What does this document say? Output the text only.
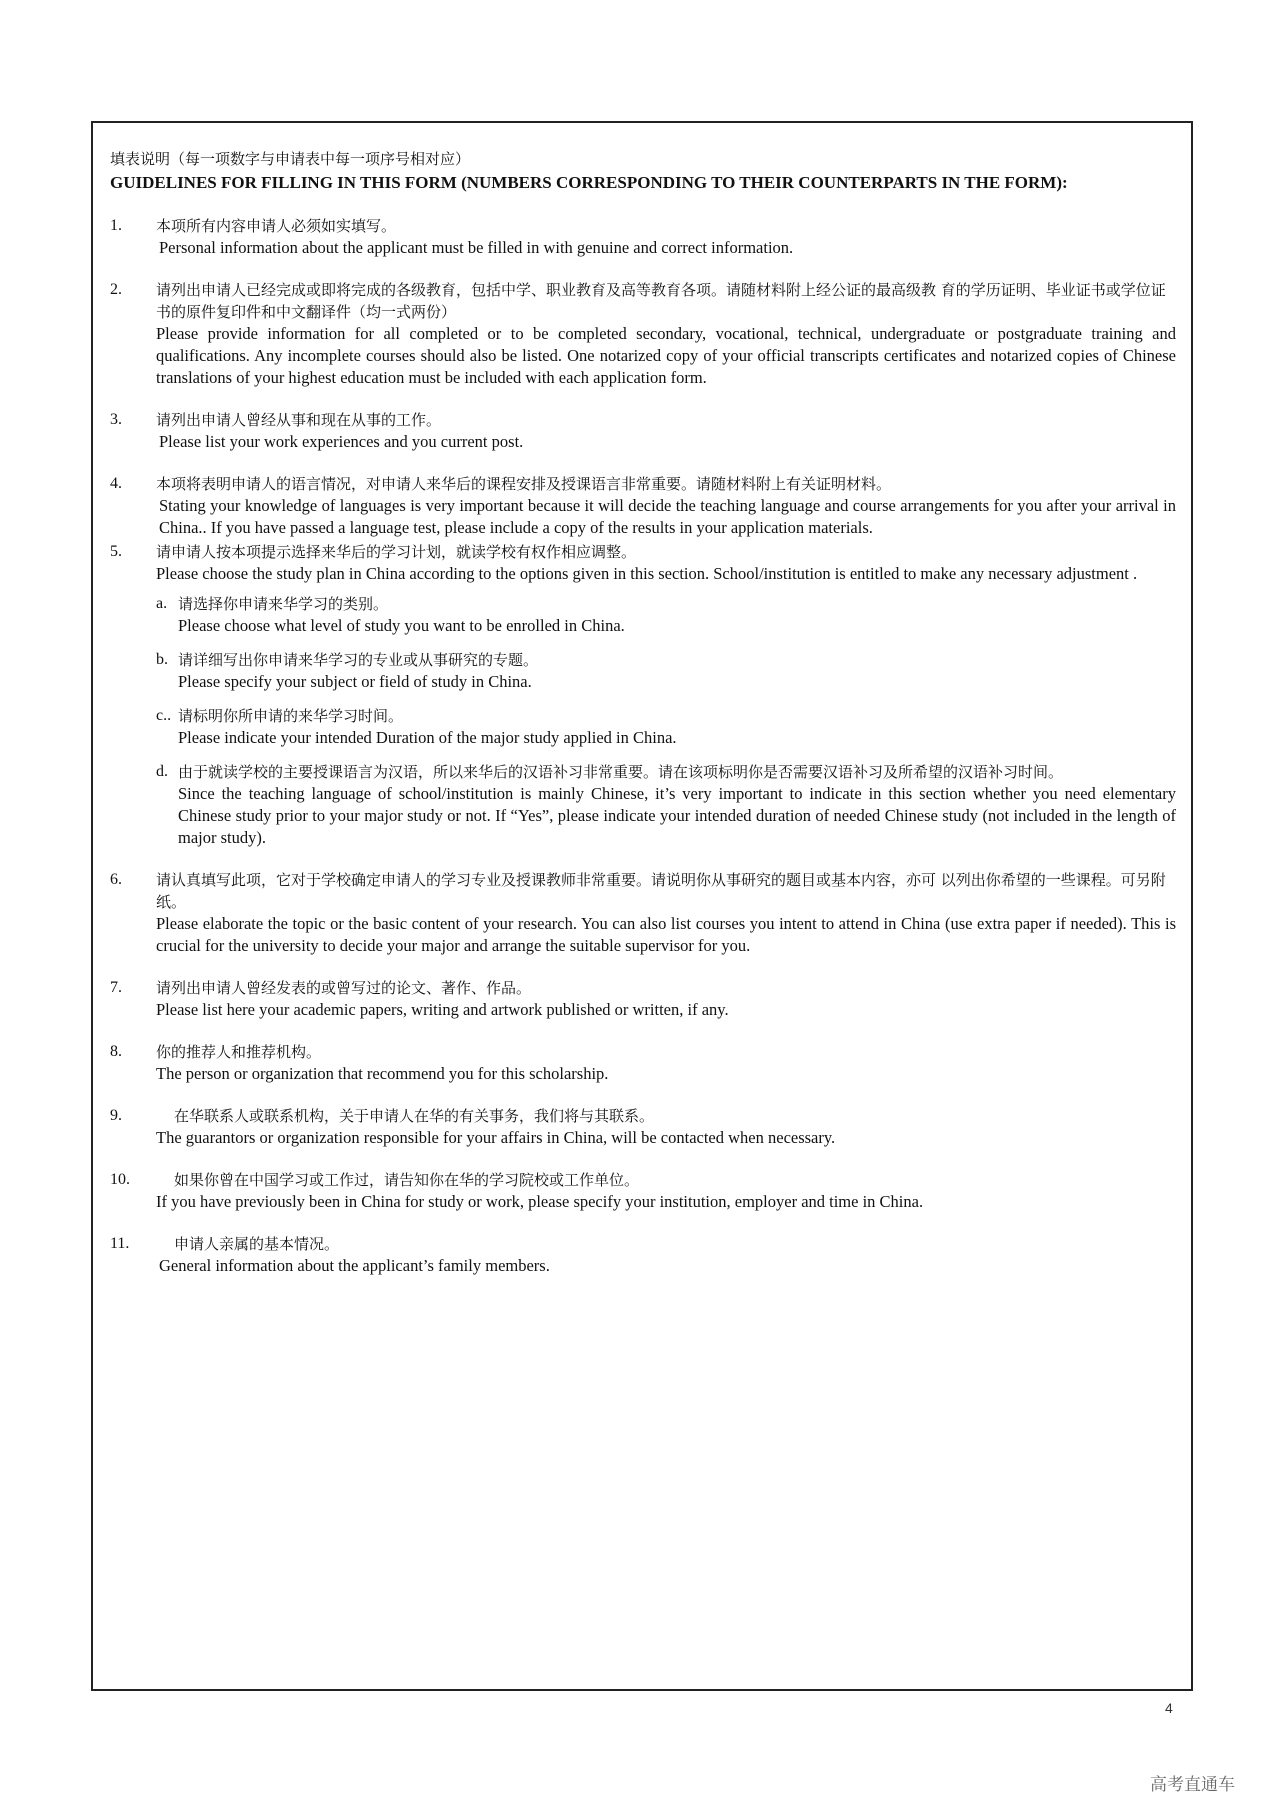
填表说明（每一项数字与申请表中每一项序号相对应）
GUIDELINES FOR FILLING IN THIS FORM (NUMBERS CORRESPONDING TO THEIR COUNTERPARTS IN THE FORM):
1. 本项所有内容申请人必须如实填写。
Personal information about the applicant must be filled in with genuine and correct information.
2. 请列出申请人已经完成或即将完成的各级教育，包括中学、职业教育及高等教育各项。请随材料附上经公证的最高级教 育的学历证明、毕业证书或学位证书的原件复印件和中文翻译件（均一式两份）
Please provide information for all completed or to be completed secondary, vocational, technical, undergraduate or postgraduate training and qualifications. Any incomplete courses should also be listed. One notarized copy of your official transcripts certificates and notarized copies of Chinese translations of your highest education must be included with each application form.
3. 请列出申请人曾经从事和现在从事的工作。
Please list your work experiences and you current post.
4. 本项将表明申请人的语言情况，对申请人来华后的课程安排及授课语言非常重要。请随材料附上有关证明材料。
Stating your knowledge of languages is very important because it will decide the teaching language and course arrangements for you after your arrival in China.. If you have passed a language test, please include a copy of the results in your application materials.
5. 请申请人按本项提示选择来华后的学习计划，就读学校有权作相应调整。
Please choose the study plan in China according to the options given in this section. School/institution is entitled to make any necessary adjustment .
a. 请选择你申请来华学习的类别。
Please choose what level of study you want to be enrolled in China.
b. 请详细写出你申请来华学习的专业或从事研究的专题。
Please specify your subject or field of study in China.
c.. 请标明你所申请的来华学习时间。
Please indicate your intended Duration of the major study applied in China.
d. 由于就读学校的主要授课语言为汉语，所以来华后的汉语补习非常重要。请在该项标明你是否需要汉语补习及所希望的汉语补习时间。
Since the teaching language of school/institution is mainly Chinese, it’s very important to indicate in this section whether you need elementary Chinese study prior to your major study or not. If “Yes”, please indicate your intended duration of needed Chinese study (not included in the length of major study).
6. 请认真填写此项，它对于学校确定申请人的学习专业及授课教师非常重要。请说明你从事研究的题目或基本内容，亦可 以列出你希望的一些课程。可另附纸。
Please elaborate the topic or the basic content of your research. You can also list courses you intent to attend in China (use extra paper if needed). This is crucial for the university to decide your major and arrange the suitable supervisor for you.
7. 请列出申请人曾经发表的或曾写过的论文、著作、作品。
Please list here your academic papers, writing and artwork published or written, if any.
8. 你的推荐人和推荐机构。
The person or organization that recommend you for this scholarship.
9.	在华联系人或联系机构，关于申请人在华的有关事务，我们将与其联系。
The guarantors or organization responsible for your affairs in China, will be contacted when necessary.
10.	如果你曾在中国学习或工作过，请告知你在华的学习院校或工作单位。
If you have previously been in China for study or work, please specify your institution, employer and time in China.
11.	申请人亲属的基本情况。
General information about the applicant’s family members.
4
高考直通车
